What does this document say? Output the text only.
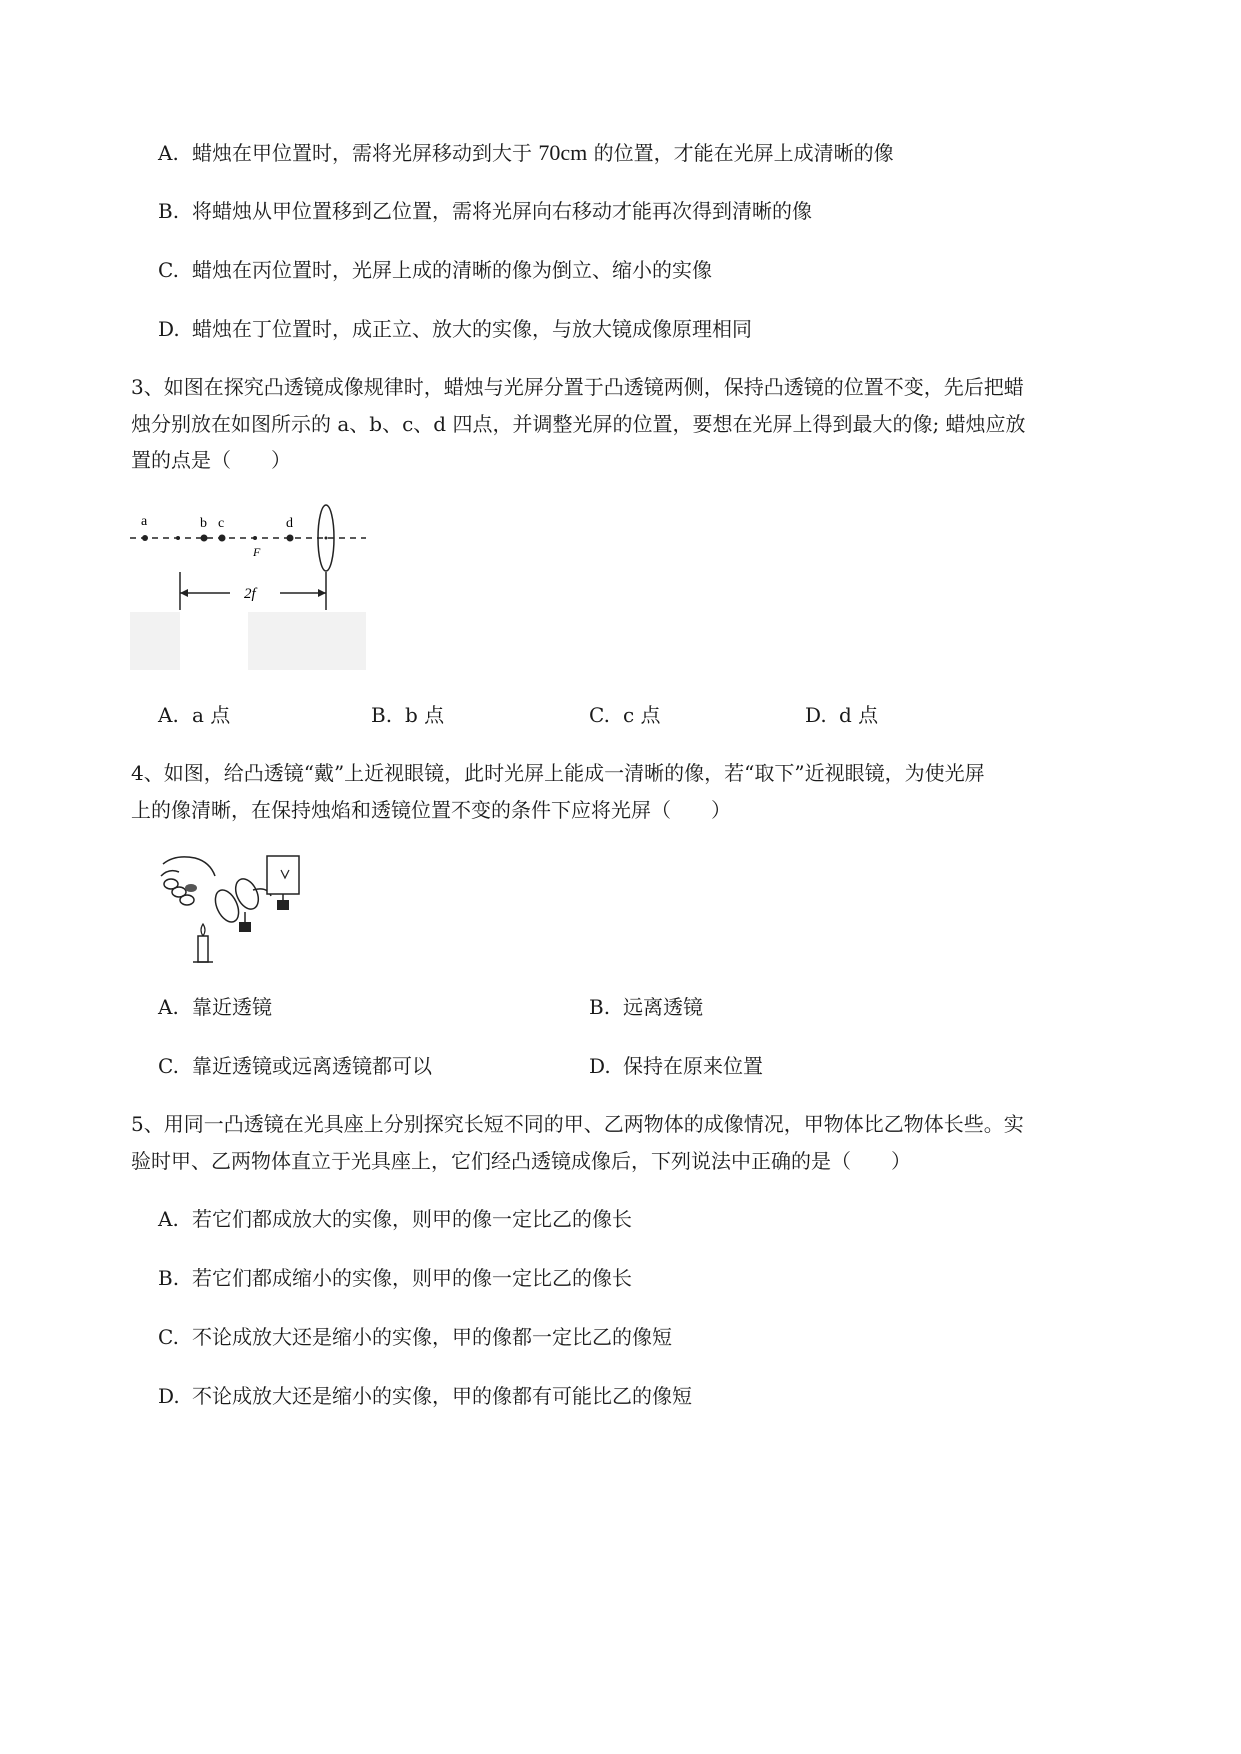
A. 蜡烛在甲位置时，需将光屏移动到大于 70cm 的位置，才能在光屏上成清晰的像
B. 将蜡烛从甲位置移到乙位置，需将光屏向右移动才能再次得到清晰的像
C. 蜡烛在丙位置时，光屏上成的清晰的像为倒立、缩小的实像
D. 蜡烛在丁位置时，成正立、放大的实像，与放大镜成像原理相同
3、如图在探究凸透镜成像规律时，蜡烛与光屏分置于凸透镜两侧，保持凸透镜的位置不变，先后把蜡
烛分别放在如图所示的 a、b、c、d 四点，并调整光屏的位置，要想在光屏上得到最大的像; 蜡烛应放
置的点是（　　）
a	b c	d
F
2f
A. a 点	B. b 点	C. c 点	D. d 点
4、如图，给凸透镜“戴”上近视眼镜，此时光屏上能成一清晰的像，若“取下”近视眼镜，为使光屏
上的像清晰，在保持烛焰和透镜位置不变的条件下应将光屏（　　）
A. 靠近透镜	B. 远离透镜
C. 靠近透镜或远离透镜都可以	D. 保持在原来位置
5、用同一凸透镜在光具座上分别探究长短不同的甲、乙两物体的成像情况，甲物体比乙物体长些。实
验时甲、乙两物体直立于光具座上，它们经凸透镜成像后，下列说法中正确的是（　　）
A. 若它们都成放大的实像，则甲的像一定比乙的像长
B. 若它们都成缩小的实像，则甲的像一定比乙的像长
C. 不论成放大还是缩小的实像，甲的像都一定比乙的像短
D. 不论成放大还是缩小的实像，甲的像都有可能比乙的像短
